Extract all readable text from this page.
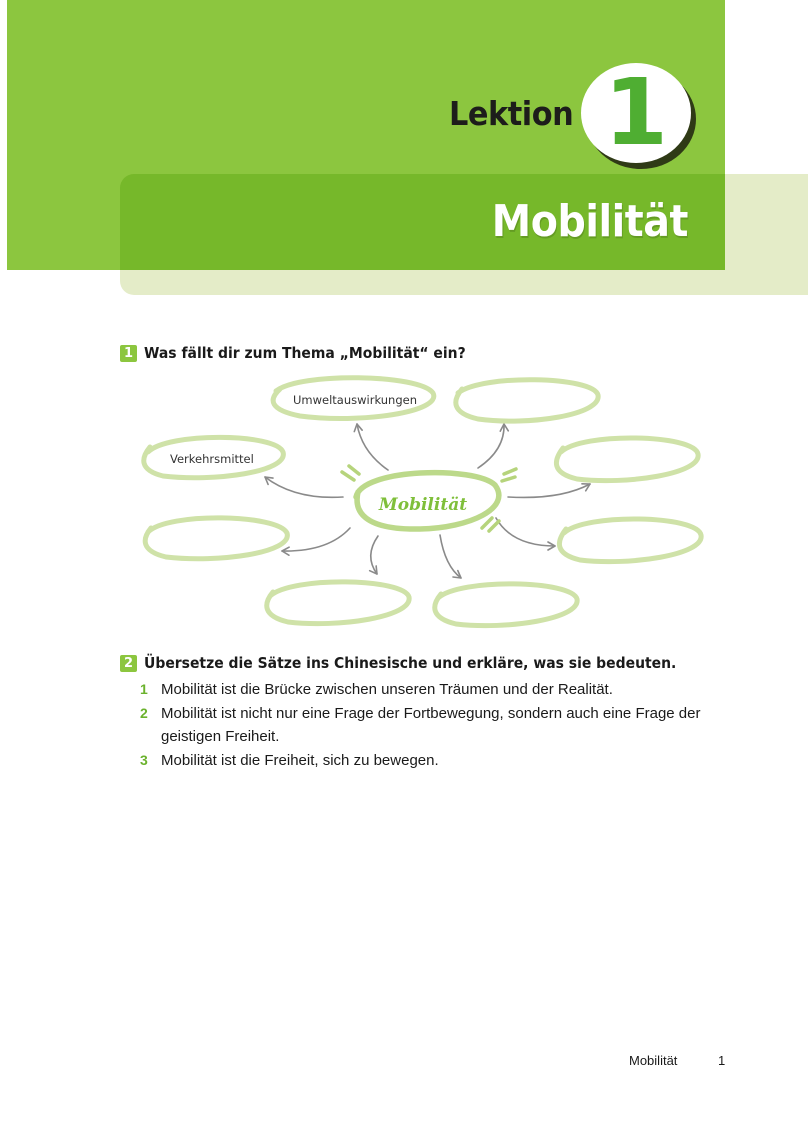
Lektion 1
Mobilität
1 Was fällt dir zum Thema „Mobilität“ ein?
Umweltauswirkungen
Verkehrsmittel
Mobilität
2 Übersetze die Sätze ins Chinesische und erkläre, was sie bedeuten.
1 Mobilität ist die Brücke zwischen unseren Träumen und der Realität.
2 Mobilität ist nicht nur eine Frage der Fortbewegung, sondern auch eine Frage der geistigen Freiheit.
3 Mobilität ist die Freiheit, sich zu bewegen.
Mobilität	1
